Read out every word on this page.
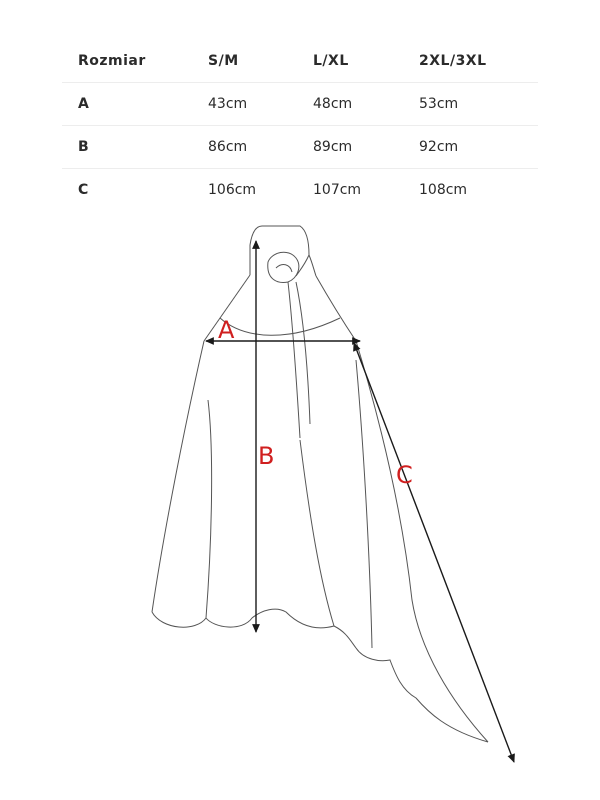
Rozmiar	S/M	L/XL	2XL/3XL
A	43cm	48cm	53cm
B	86cm	89cm	92cm
C	106cm	107cm	108cm
A
B
C
